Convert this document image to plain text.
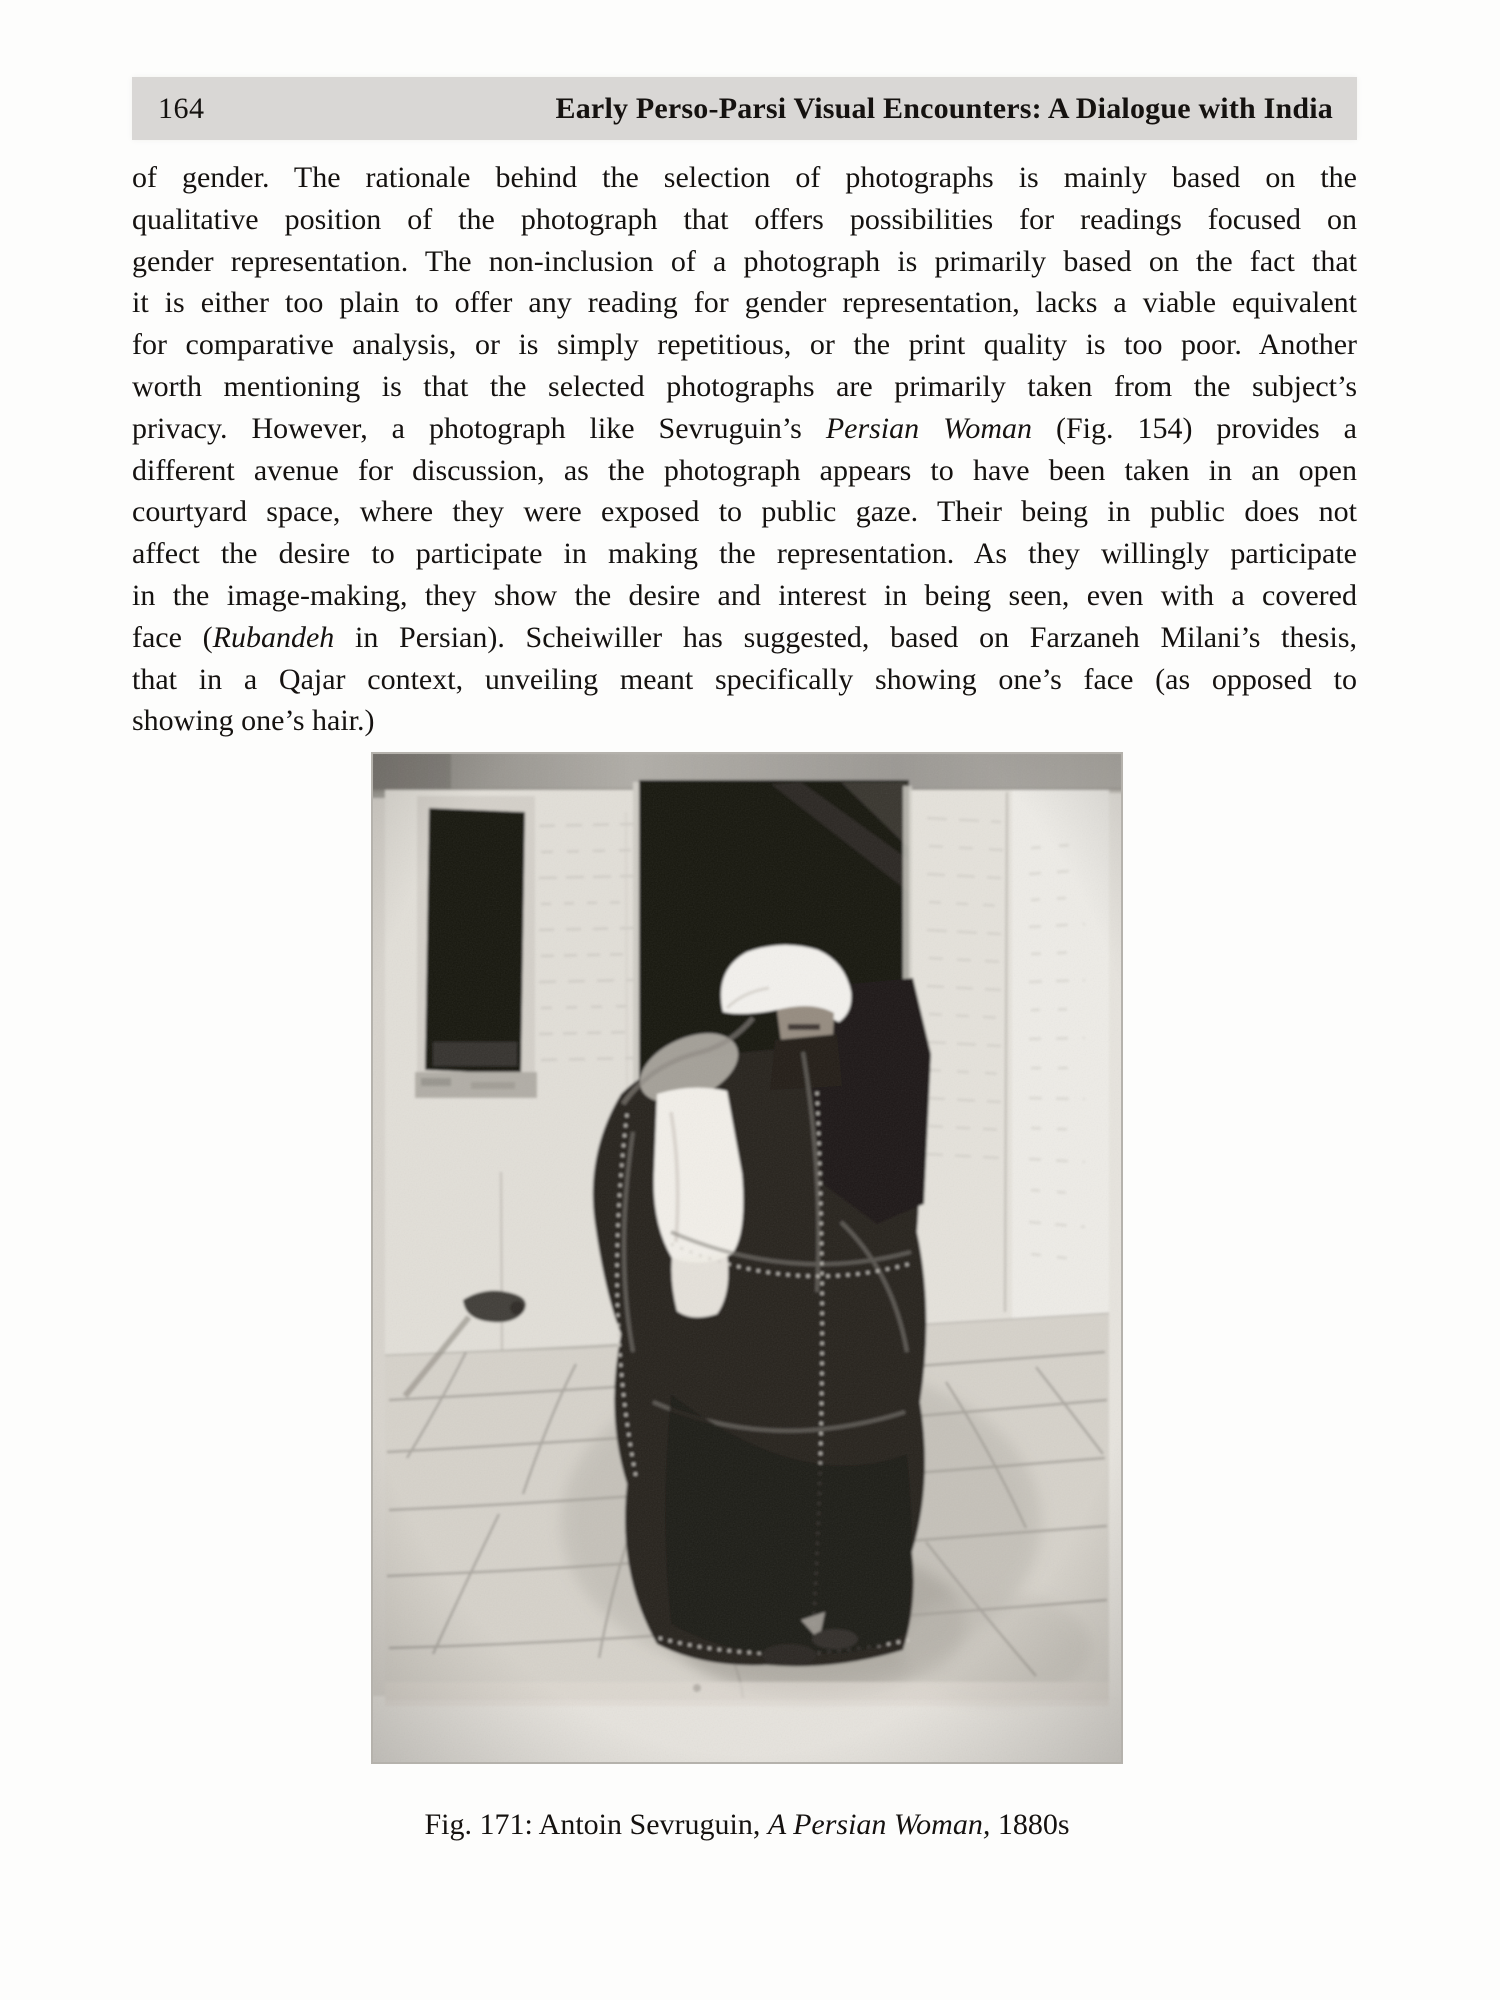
164	Early Perso-Parsi Visual Encounters: A Dialogue with India
of gender. The rationale behind the selection of photographs is mainly based on the
qualitative position of the photograph that offers possibilities for readings focused on
gender representation. The non-inclusion of a photograph is primarily based on the fact that
it is either too plain to offer any reading for gender representation, lacks a viable equivalent
for comparative analysis, or is simply repetitious, or the print quality is too poor. Another
worth mentioning is that the selected photographs are primarily taken from the subject’s
privacy. However, a photograph like Sevruguin’s Persian Woman (Fig. 154) provides a
different avenue for discussion, as the photograph appears to have been taken in an open
courtyard space, where they were exposed to public gaze. Their being in public does not
affect the desire to participate in making the representation. As they willingly participate
in the image-making, they show the desire and interest in being seen, even with a covered
face (Rubandeh in Persian). Scheiwiller has suggested, based on Farzaneh Milani’s thesis,
that in a Qajar context, unveiling meant specifically showing one’s face (as opposed to
showing one’s hair.)
Fig. 171: Antoin Sevruguin, A Persian Woman, 1880s
